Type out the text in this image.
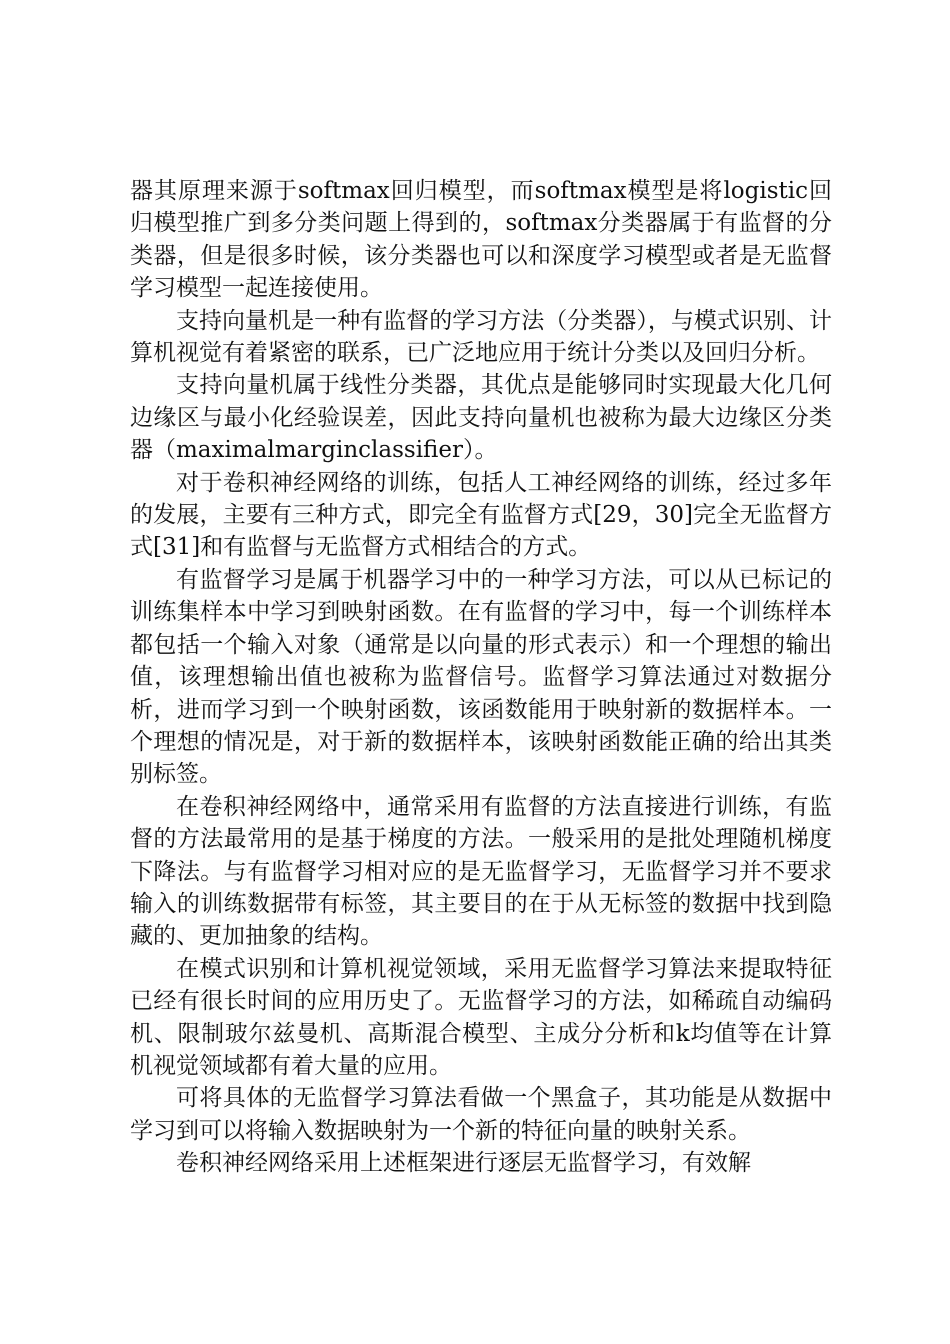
器其原理来源于softmax回归模型，而softmax模型是将logistic回归模型推广到多分类问题上得到的，softmax分类器属于有监督的分类器，但是很多时候，该分类器也可以和深度学习模型或者是无监督学习模型一起连接使用。

支持向量机是一种有监督的学习方法（分类器），与模式识别、计算机视觉有着紧密的联系，已广泛地应用于统计分类以及回归分析。

支持向量机属于线性分类器，其优点是能够同时实现最大化几何边缘区与最小化经验误差，因此支持向量机也被称为最大边缘区分类器（maximalmarginclassifier）。

对于卷积神经网络的训练，包括人工神经网络的训练，经过多年的发展，主要有三种方式，即完全有监督方式[29，30]完全无监督方式[31]和有监督与无监督方式相结合的方式。

有监督学习是属于机器学习中的一种学习方法，可以从已标记的训练集样本中学习到映射函数。在有监督的学习中，每一个训练样本都包括一个输入对象（通常是以向量的形式表示）和一个理想的输出值，该理想输出值也被称为监督信号。监督学习算法通过对数据分析，进而学习到一个映射函数，该函数能用于映射新的数据样本。一个理想的情况是，对于新的数据样本，该映射函数能正确的给出其类别标签。

在卷积神经网络中，通常采用有监督的方法直接进行训练，有监督的方法最常用的是基于梯度的方法。一般采用的是批处理随机梯度下降法。与有监督学习相对应的是无监督学习，无监督学习并不要求输入的训练数据带有标签，其主要目的在于从无标签的数据中找到隐藏的、更加抽象的结构。

在模式识别和计算机视觉领域，采用无监督学习算法来提取特征已经有很长时间的应用历史了。无监督学习的方法，如稀疏自动编码机、限制玻尔兹曼机、高斯混合模型、主成分分析和k均值等在计算机视觉领域都有着大量的应用。

可将具体的无监督学习算法看做一个黑盒子，其功能是从数据中学习到可以将输入数据映射为一个新的特征向量的映射关系。

卷积神经网络采用上述框架进行逐层无监督学习，有效解
